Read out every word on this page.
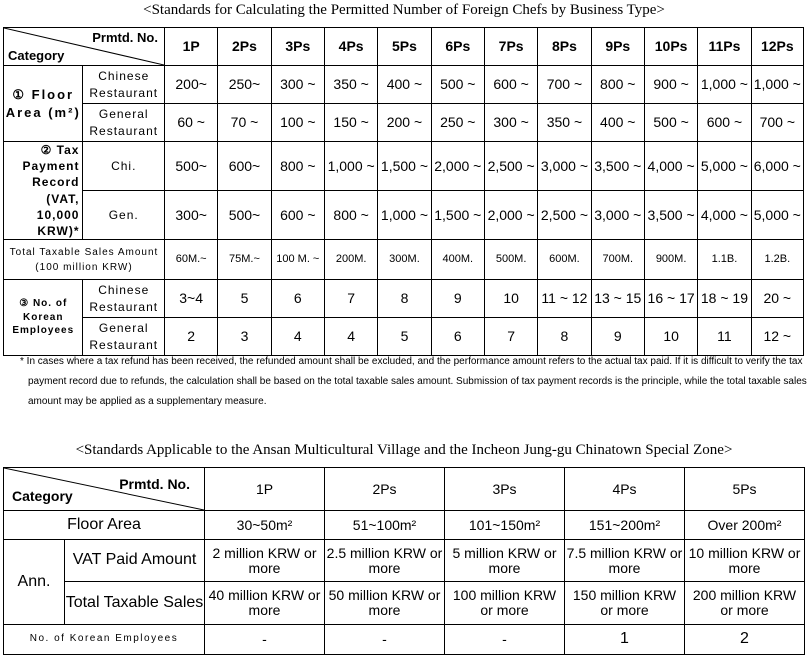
<Standards for Calculating the Permitted Number of Foreign Chefs by Business Type>
Prmtd. No.
Category		1P	2Ps	3Ps	4Ps	5Ps	6Ps	7Ps	8Ps	9Ps	10Ps	11Ps	12Ps
① Floor Area (m²)	Chinese Restaurant	200~	250~	300 ~	350 ~	400 ~	500 ~	600 ~	700 ~	800 ~	900 ~	1,000 ~	1,000 ~
	General Restaurant	60 ~	70 ~	100 ~	150 ~	200 ~	250 ~	300 ~	350 ~	400 ~	500 ~	600 ~	700 ~
② Tax Payment Record (VAT, 10,000 KRW)*	Chi.	500~	600~	800 ~	1,000 ~	1,500 ~	2,000 ~	2,500 ~	3,000 ~	3,500 ~	4,000 ~	5,000 ~	6,000 ~
	Gen.	300~	500~	600 ~	800 ~	1,000 ~	1,500 ~	2,000 ~	2,500 ~	3,000 ~	3,500 ~	4,000 ~	5,000 ~
Total Taxable Sales Amount (100 million KRW)		60M.~	75M.~	100 M. ~	200M.	300M.	400M.	500M.	600M.	700M.	900M.	1.1B.	1.2B.
③ No. of Korean Employees	Chinese Restaurant	3~4	5	6	7	8	9	10	11 ~ 12	13 ~ 15	16 ~ 17	18 ~ 19	20 ~
	General Restaurant	2	3	4	4	5	6	7	8	9	10	11	12 ~
* In cases where a tax refund has been received, the refunded amount shall be excluded, and the performance amount refers to the actual tax paid. If it is difficult to verify the tax payment record due to refunds, the calculation shall be based on the total taxable sales amount. Submission of tax payment records is the principle, while the total taxable sales amount may be applied as a supplementary measure.
<Standards Applicable to the Ansan Multicultural Village and the Incheon Jung-gu Chinatown Special Zone>
Prmtd. No.
Category		1P	2Ps	3Ps	4Ps	5Ps
Floor Area		30~50m²	51~100m²	101~150m²	151~200m²	Over 200m²
Ann.	VAT Paid Amount	2 million KRW or more	2.5 million KRW or more	5 million KRW or more	7.5 million KRW or more	10 million KRW or more
	Total Taxable Sales	40 million KRW or more	50 million KRW or more	100 million KRW or more	150 million KRW or more	200 million KRW or more
No. of Korean Employees		-	-	-	1	2
